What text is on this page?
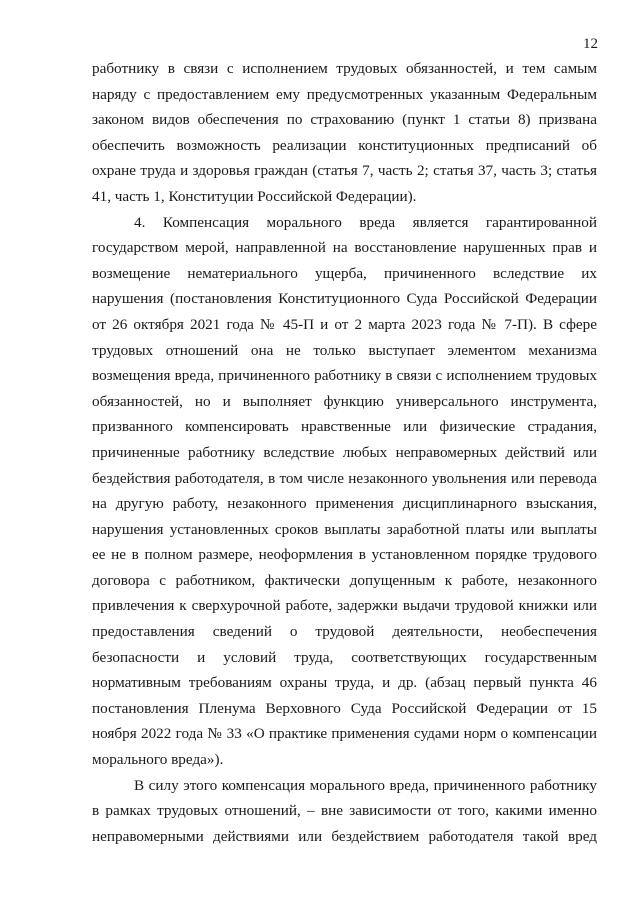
12
работнику в связи с исполнением трудовых обязанностей, и тем самым
наряду с предоставлением ему предусмотренных указанным Федеральным
законом видов обеспечения по страхованию (пункт 1 статьи 8) призвана
обеспечить возможность реализации конституционных предписаний об
охране труда и здоровья граждан (статья 7, часть 2; статья 37, часть 3; статья
41, часть 1, Конституции Российской Федерации).
4. Компенсация морального вреда является гарантированной
государством мерой, направленной на восстановление нарушенных прав и
возмещение нематериального ущерба, причиненного вследствие их
нарушения (постановления Конституционного Суда Российской Федерации
от 26 октября 2021 года № 45-П и от 2 марта 2023 года № 7-П). В сфере
трудовых отношений она не только выступает элементом механизма
возмещения вреда, причиненного работнику в связи с исполнением трудовых
обязанностей, но и выполняет функцию универсального инструмента,
призванного компенсировать нравственные или физические страдания,
причиненные работнику вследствие любых неправомерных действий или
бездействия работодателя, в том числе незаконного увольнения или перевода
на другую работу, незаконного применения дисциплинарного взыскания,
нарушения установленных сроков выплаты заработной платы или выплаты
ее не в полном размере, неоформления в установленном порядке трудового
договора с работником, фактически допущенным к работе, незаконного
привлечения к сверхурочной работе, задержки выдачи трудовой книжки или
предоставления сведений о трудовой деятельности, необеспечения
безопасности и условий труда, соответствующих государственным
нормативным требованиям охраны труда, и др. (абзац первый пункта 46
постановления Пленума Верховного Суда Российской Федерации от 15
ноября 2022 года № 33 «О практике применения судами норм о компенсации
морального вреда»).
В силу этого компенсация морального вреда, причиненного работнику
в рамках трудовых отношений, – вне зависимости от того, какими именно
неправомерными действиями или бездействием работодателя такой вред
